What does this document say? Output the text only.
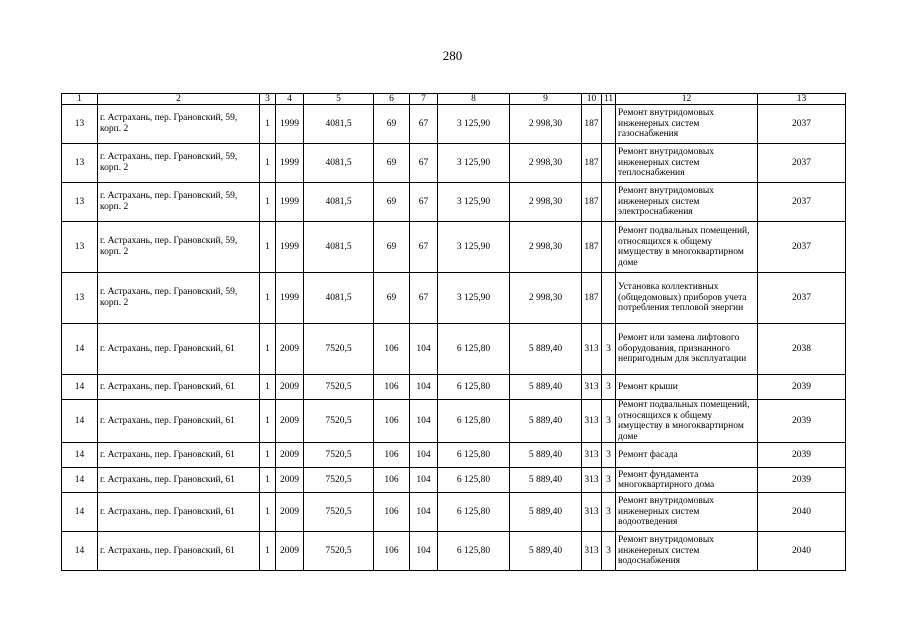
280
1	2	3	4	5	6	7	8	9	10	11	12	13
13	г. Астрахань, пер. Грановский, 59, корп. 2	1	1999	4081,5	69	67	3 125,90	2 998,30	187		Ремонт внутридомовых инженерных систем газоснабжения	2037
13	г. Астрахань, пер. Грановский, 59, корп. 2	1	1999	4081,5	69	67	3 125,90	2 998,30	187		Ремонт внутридомовых инженерных систем теплоснабжения	2037
13	г. Астрахань, пер. Грановский, 59, корп. 2	1	1999	4081,5	69	67	3 125,90	2 998,30	187		Ремонт внутридомовых инженерных систем электроснабжения	2037
13	г. Астрахань, пер. Грановский, 59, корп. 2	1	1999	4081,5	69	67	3 125,90	2 998,30	187		Ремонт подвальных помещений, относящихся к общему имуществу в многоквартирном доме	2037
13	г. Астрахань, пер. Грановский, 59, корп. 2	1	1999	4081,5	69	67	3 125,90	2 998,30	187		Установка коллективных (общедомовых) приборов учета потребления тепловой энергии	2037
14	г. Астрахань, пер. Грановский, 61	1	2009	7520,5	106	104	6 125,80	5 889,40	313	3	Ремонт или замена лифтового оборудования, признанного непригодным для эксплуатации	2038
14	г. Астрахань, пер. Грановский, 61	1	2009	7520,5	106	104	6 125,80	5 889,40	313	3	Ремонт крыши	2039
14	г. Астрахань, пер. Грановский, 61	1	2009	7520,5	106	104	6 125,80	5 889,40	313	3	Ремонт подвальных помещений, относящихся к общему имуществу в многоквартирном доме	2039
14	г. Астрахань, пер. Грановский, 61	1	2009	7520,5	106	104	6 125,80	5 889,40	313	3	Ремонт фасада	2039
14	г. Астрахань, пер. Грановский, 61	1	2009	7520,5	106	104	6 125,80	5 889,40	313	3	Ремонт фундамента многоквартирного дома	2039
14	г. Астрахань, пер. Грановский, 61	1	2009	7520,5	106	104	6 125,80	5 889,40	313	3	Ремонт внутридомовых инженерных систем водоотведения	2040
14	г. Астрахань, пер. Грановский, 61	1	2009	7520,5	106	104	6 125,80	5 889,40	313	3	Ремонт внутридомовых инженерных систем водоснабжения	2040
